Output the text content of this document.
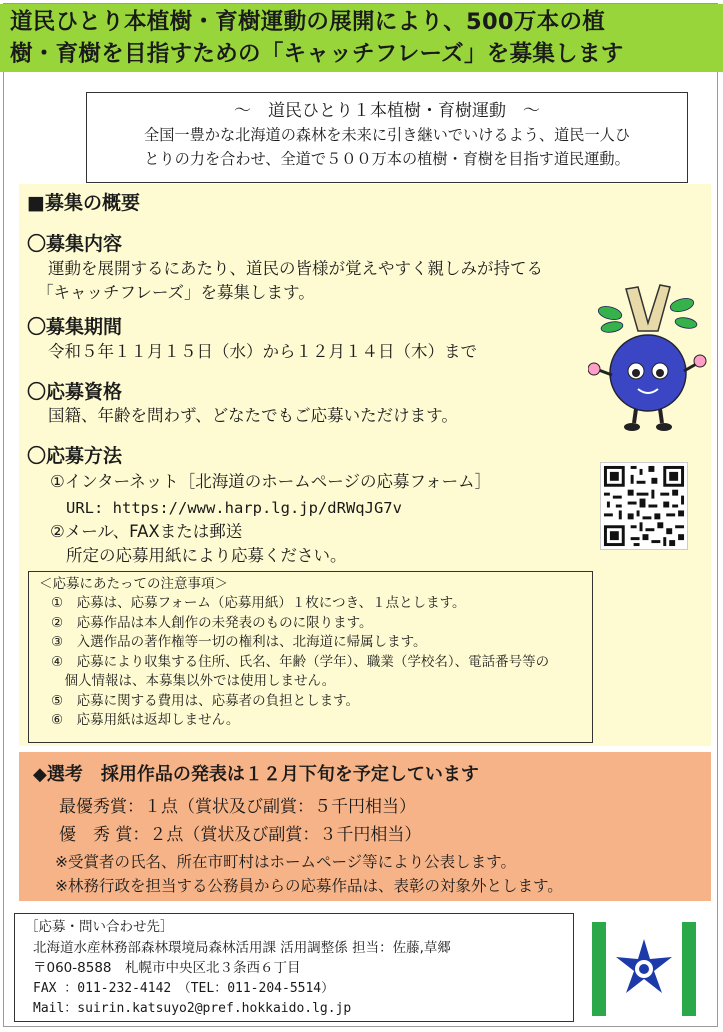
道民ひとり本植樹・育樹運動の展開により、500万本の植
樹・育樹を目指すための「キャッチフレーズ」を募集します
〜　道民ひとり１本植樹・育樹運動　〜
全国一豊かな北海道の森林を未来に引き継いでいけるよう、道民一人ひ
とりの力を合わせ、全道で５００万本の植樹・育樹を目指す道民運動。
■募集の概要
〇募集内容
運動を展開するにあたり、道民の皆様が覚えやすく親しみが持てる
「キャッチフレーズ」を募集します。
〇募集期間
令和５年１１月１５日（水）から１２月１４日（木）まで
〇応募資格
国籍、年齢を問わず、どなたでもご応募いただけます。
〇応募方法
①インターネット［北海道のホームページの応募フォーム］
URL: https://www.harp.lg.jp/dRWqJG7v
②メール、FAXまたは郵送
所定の応募用紙により応募ください。
＜応募にあたっての注意事項＞
①　応募は、応募フォーム（応募用紙）１枚につき、１点とします。
②　応募作品は本人創作の未発表のものに限ります。
③　入選作品の著作権等一切の権利は、北海道に帰属します。
④　応募により収集する住所、氏名、年齢（学年）、職業（学校名）、電話番号等の
　個人情報は、本募集以外では使用しません。
⑤　応募に関する費用は、応募者の負担とします。
⑥　応募用紙は返却しません。
◆選考　採用作品の発表は１２月下旬を予定しています
最優秀賞：１点（賞状及び副賞：５千円相当）
優　秀 賞：２点（賞状及び副賞：３千円相当）
※受賞者の氏名、所在市町村はホームページ等により公表します。
※林務行政を担当する公務員からの応募作品は、表彰の対象外とします。
［応募・問い合わせ先］
北海道水産林務部森林環境局森林活用課 活用調整係 担当：佐藤,草郷
〒060-8588　札幌市中央区北３条西６丁目
FAX ：011-232-4142　（TEL：011-204-5514）
Mail：suirin.katsuyo2@pref.hokkaido.lg.jp
